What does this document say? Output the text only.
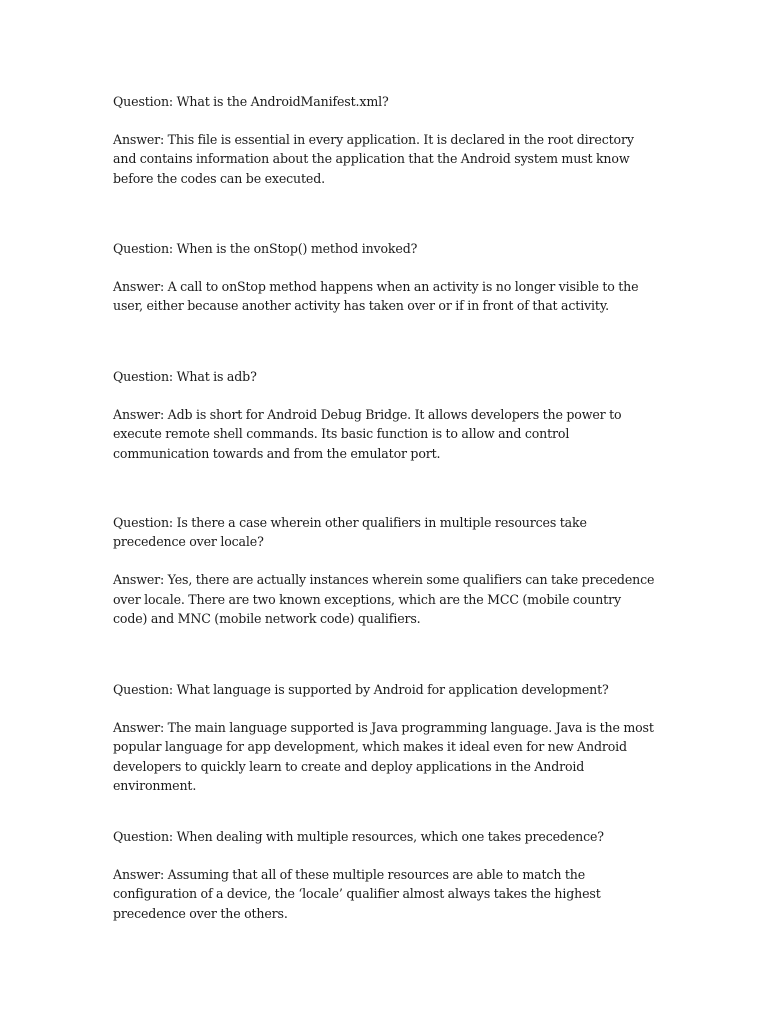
Question: What is the AndroidManifest.xml?

Answer: This file is essential in every application. It is declared in the root directory and contains information about the application that the Android system must know before the codes can be executed.

Question: When is the onStop() method invoked?

Answer: A call to onStop method happens when an activity is no longer visible to the user, either because another activity has taken over or if in front of that activity.

Question: What is adb?

Answer: Adb is short for Android Debug Bridge. It allows developers the power to execute remote shell commands. Its basic function is to allow and control communication towards and from the emulator port.

Question: Is there a case wherein other qualifiers in multiple resources take precedence over locale?

Answer: Yes, there are actually instances wherein some qualifiers can take precedence over locale. There are two known exceptions, which are the MCC (mobile country code) and MNC (mobile network code) qualifiers.

Question: What language is supported by Android for application development?

Answer: The main language supported is Java programming language. Java is the most popular language for app development, which makes it ideal even for new Android developers to quickly learn to create and deploy applications in the Android environment.

Question: When dealing with multiple resources, which one takes precedence?

Answer: Assuming that all of these multiple resources are able to match the configuration of a device, the ‘locale’ qualifier almost always takes the highest precedence over the others.
